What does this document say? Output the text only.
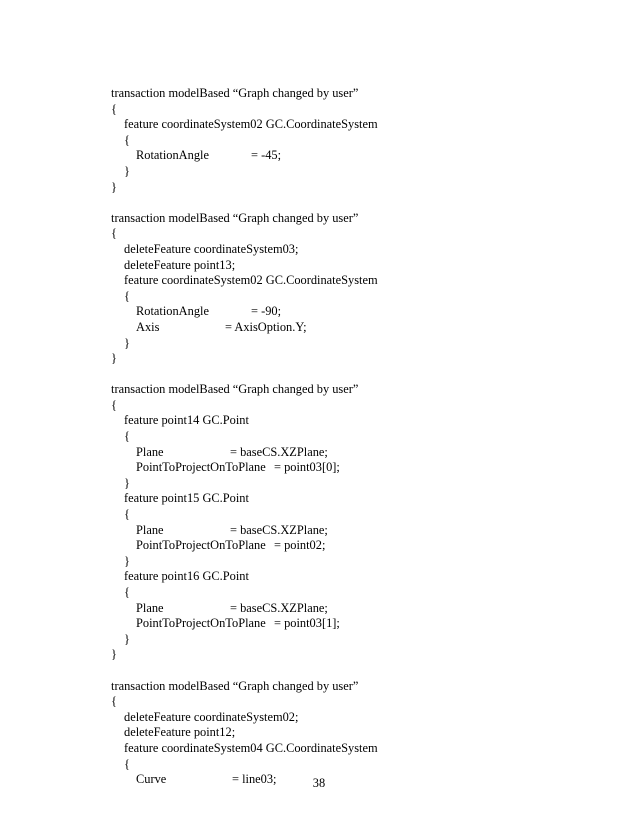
transaction modelBased “Graph changed by user”
{
feature coordinateSystem02 GC.CoordinateSystem
{
RotationAngle	= -45;
}
}
transaction modelBased “Graph changed by user”
{
deleteFeature coordinateSystem03;
deleteFeature point13;
feature coordinateSystem02 GC.CoordinateSystem
{
RotationAngle	= -90;
Axis	= AxisOption.Y;
}
}
transaction modelBased “Graph changed by user”
{
feature point14 GC.Point
{
Plane	= baseCS.XZPlane;
PointToProjectOnToPlane = point03[0];
}
feature point15 GC.Point
{
Plane	= baseCS.XZPlane;
PointToProjectOnToPlane = point02;
}
feature point16 GC.Point
{
Plane	= baseCS.XZPlane;
PointToProjectOnToPlane = point03[1];
}
}
transaction modelBased “Graph changed by user”
{
deleteFeature coordinateSystem02;
deleteFeature point12;
feature coordinateSystem04 GC.CoordinateSystem
{
Curve	= line03;	38
